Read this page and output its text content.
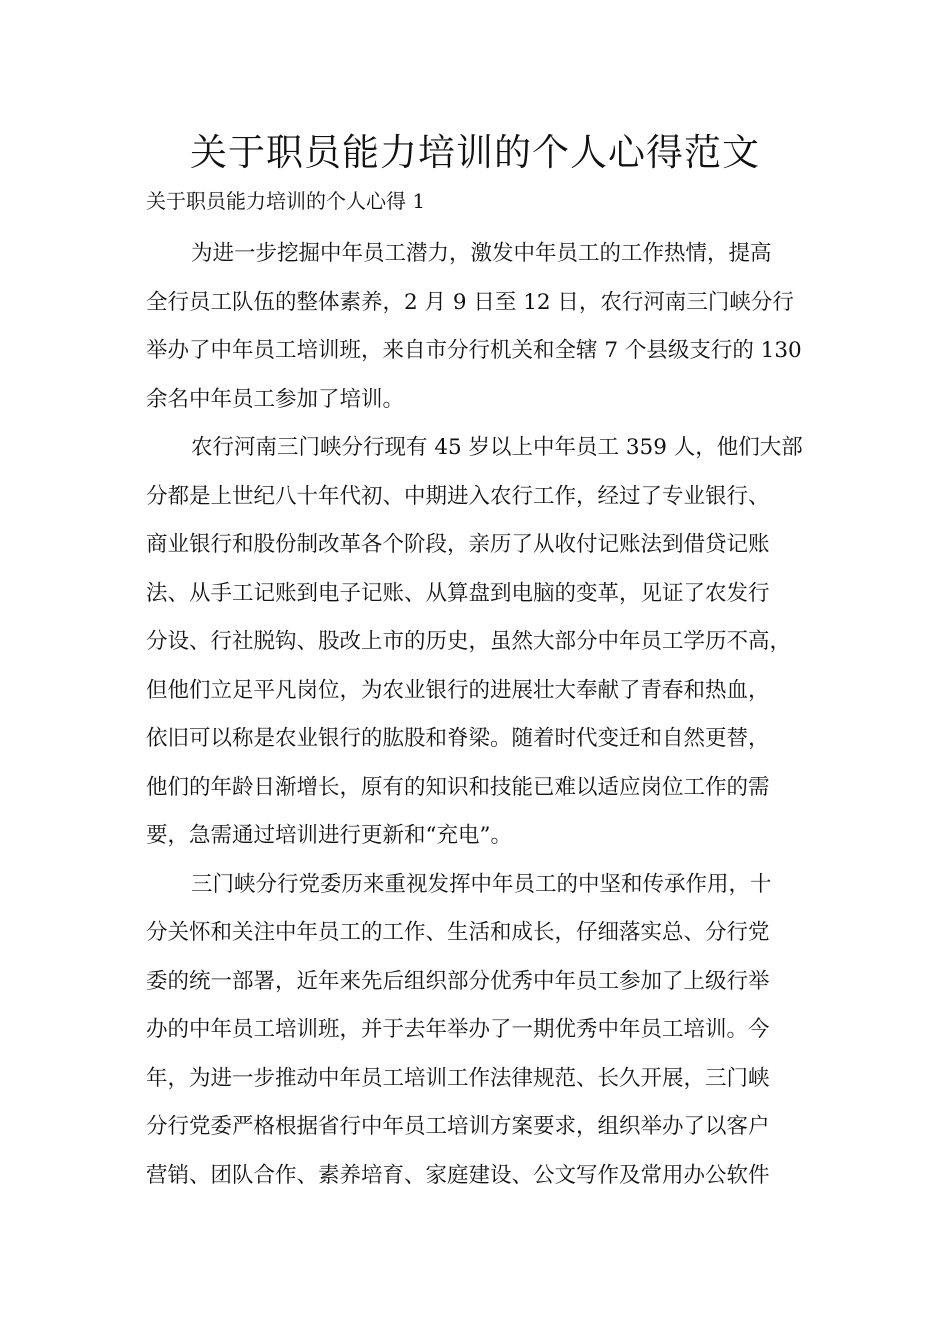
关于职员能力培训的个人心得范文
关于职员能力培训的个人心得 1

为进一步挖掘中年员工潜力，激发中年员工的工作热情，提高
全行员工队伍的整体素养，2 月 9 日至 12 日，农行河南三门峡分行
举办了中年员工培训班，来自市分行机关和全辖 7 个县级支行的 130
余名中年员工参加了培训。

农行河南三门峡分行现有 45 岁以上中年员工 359 人，他们大部
分都是上世纪八十年代初、中期进入农行工作，经过了专业银行、
商业银行和股份制改革各个阶段，亲历了从收付记账法到借贷记账
法、从手工记账到电子记账、从算盘到电脑的变革，见证了农发行
分设、行社脱钩、股改上市的历史，虽然大部分中年员工学历不高，
但他们立足平凡岗位，为农业银行的进展壮大奉献了青春和热血，
依旧可以称是农业银行的肱股和脊梁。随着时代变迁和自然更替，
他们的年龄日渐增长，原有的知识和技能已难以适应岗位工作的需
要，急需通过培训进行更新和“充电”。

三门峡分行党委历来重视发挥中年员工的中坚和传承作用，十
分关怀和关注中年员工的工作、生活和成长，仔细落实总、分行党
委的统一部署，近年来先后组织部分优秀中年员工参加了上级行举
办的中年员工培训班，并于去年举办了一期优秀中年员工培训。今
年，为进一步推动中年员工培训工作法律规范、长久开展，三门峡
分行党委严格根据省行中年员工培训方案要求，组织举办了以客户
营销、团队合作、素养培育、家庭建设、公文写作及常用办公软件
